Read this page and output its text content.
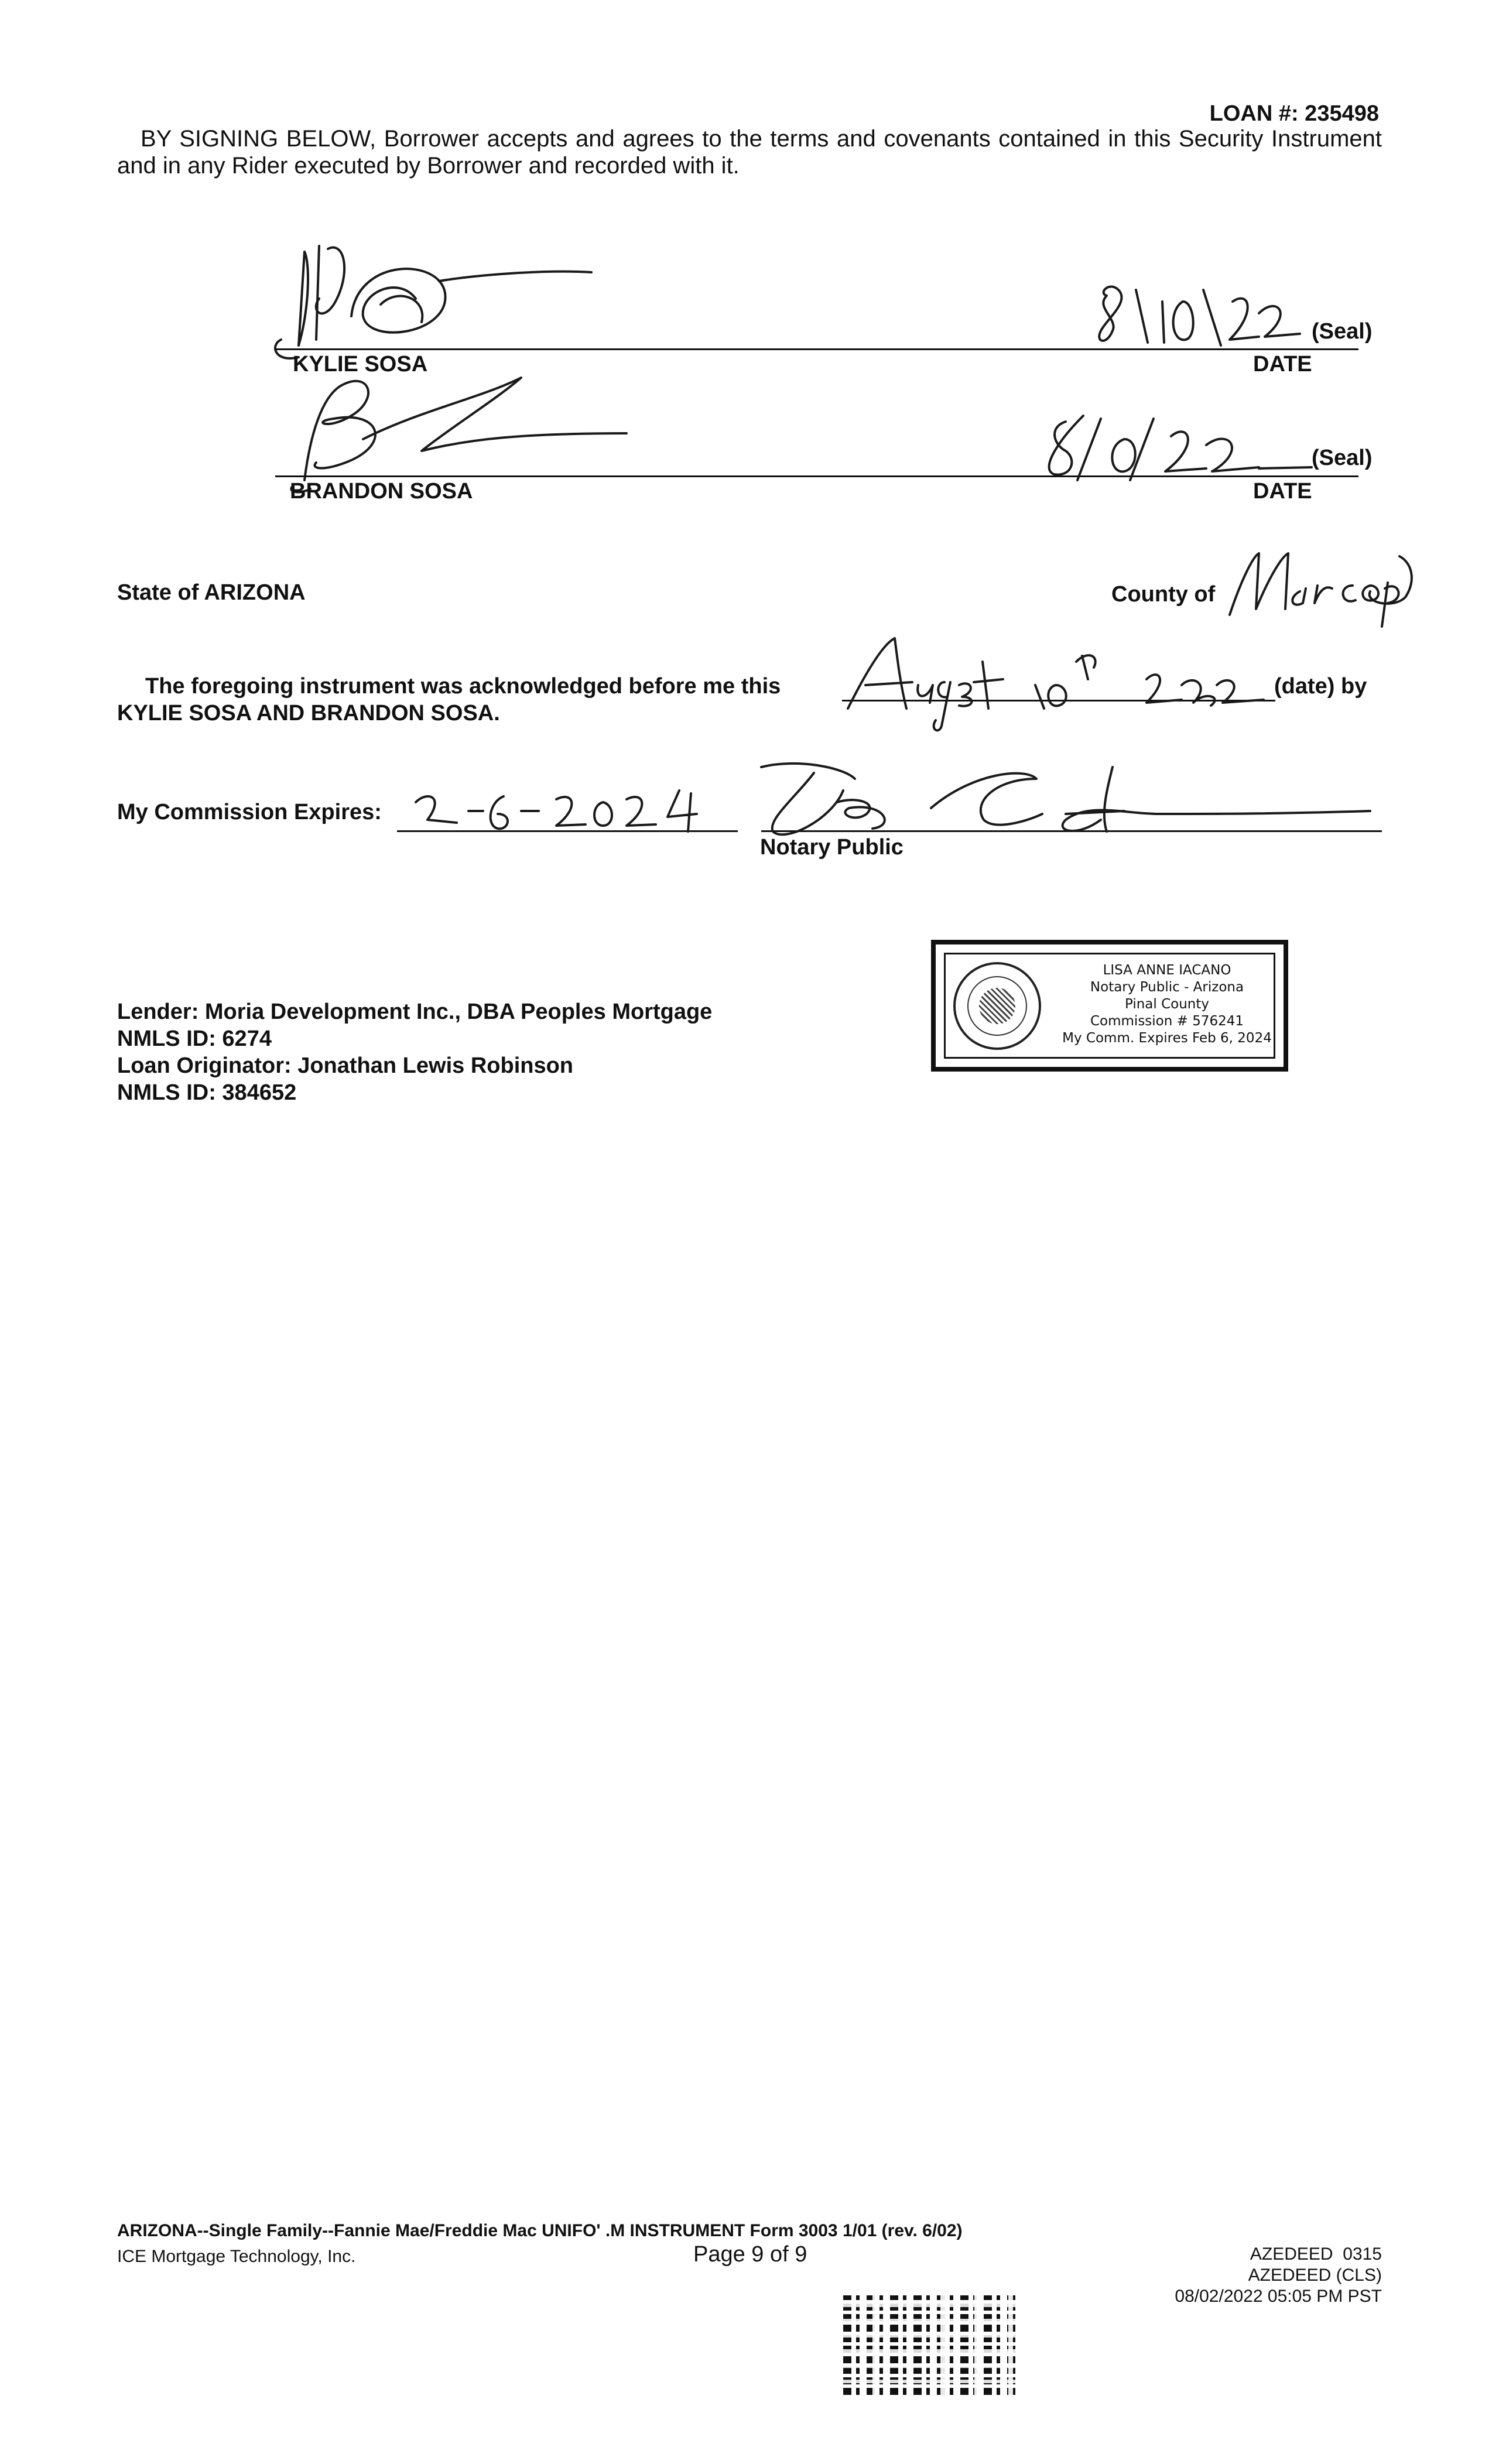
LOAN #: 235498
BY SIGNING BELOW, Borrower accepts and agrees to the terms and covenants contained in this Security Instrument and in any Rider executed by Borrower and recorded with it.
KYLIE SOSA
(Seal)
DATE
BRANDON SOSA
(Seal)
DATE
State of ARIZONA	County of
The foregoing instrument was acknowledged before me this	(date) by
KYLIE SOSA AND BRANDON SOSA.
My Commission Expires:
Notary Public
LISA ANNE IACANO
Notary Public - Arizona
Pinal County
Commission # 576241
My Comm. Expires Feb 6, 2024
Lender: Moria Development Inc., DBA Peoples Mortgage
NMLS ID: 6274
Loan Originator: Jonathan Lewis Robinson
NMLS ID: 384652
ARIZONA--Single Family--Fannie Mae/Freddie Mac UNIFO' .M INSTRUMENT Form 3003 1/01 (rev. 6/02)
ICE Mortgage Technology, Inc.	Page 9 of 9	AZEDEED  0315
AZEDEED (CLS)
08/02/2022 05:05 PM PST
